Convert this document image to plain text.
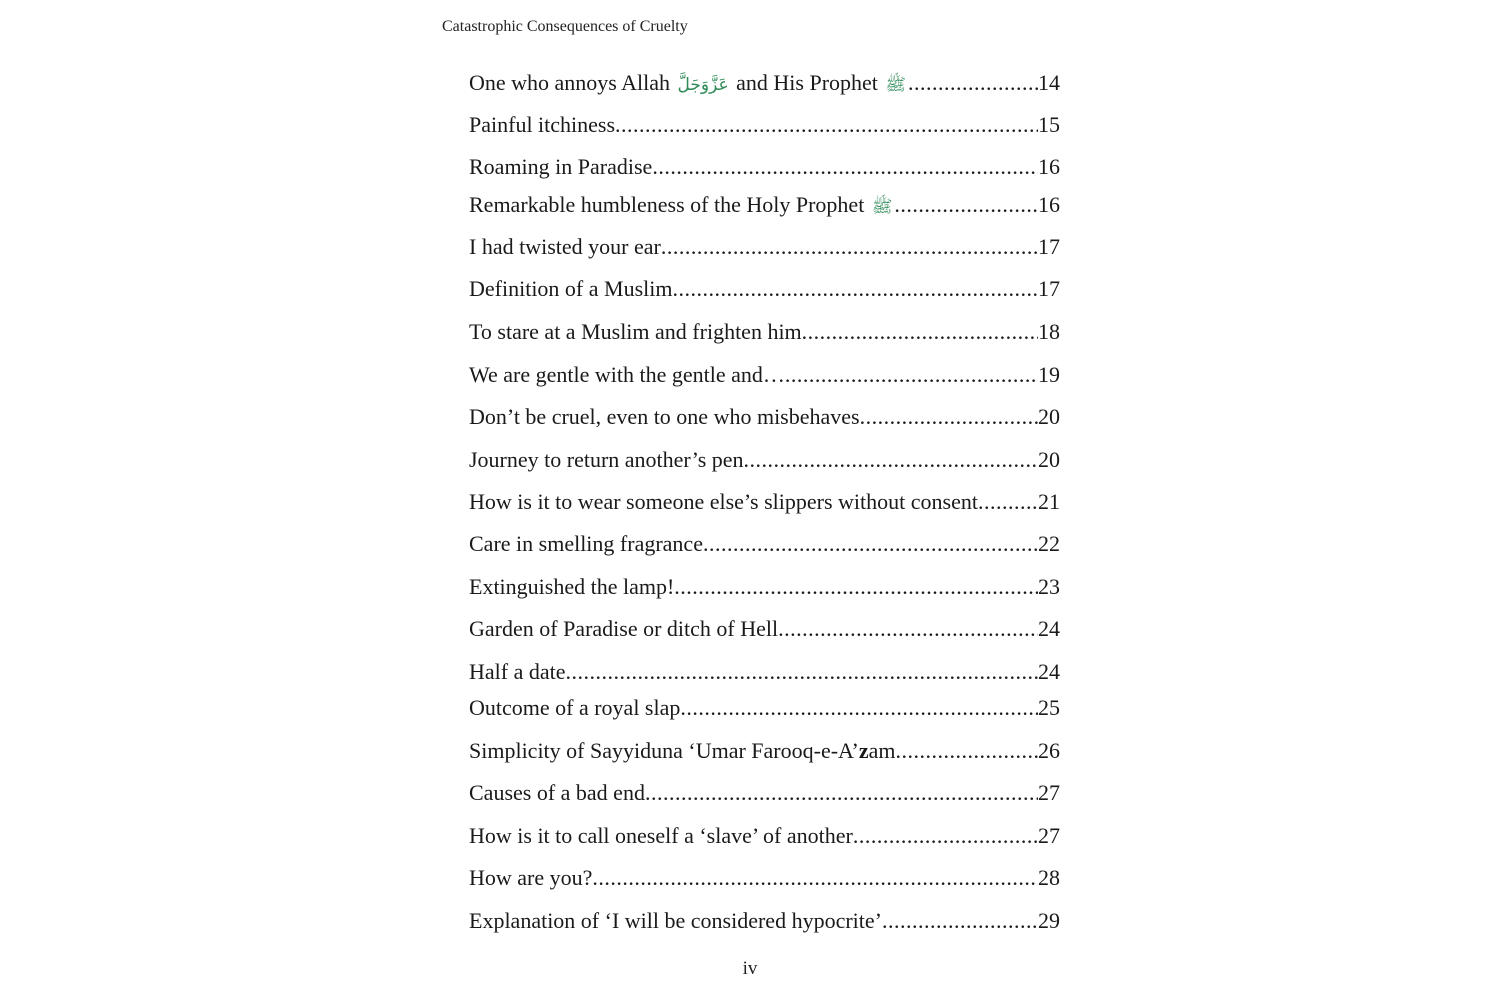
Catastrophic Consequences of Cruelty
One who annoys Allah عَزَّوَجَلَّ and His Prophet ﷺ .....	14
Painful itchiness .....	15
Roaming in Paradise .....	16
Remarkable humbleness of the Holy Prophet ﷺ .....	16
I had twisted your ear .....	17
Definition of a Muslim .....	17
To stare at a Muslim and frighten him .....	18
We are gentle with the gentle and… .....	19
Don’t be cruel, even to one who misbehaves .....	20
Journey to return another’s pen .....	20
How is it to wear someone else’s slippers without consent .....	21
Care in smelling fragrance .....	22
Extinguished the lamp! .....	23
Garden of Paradise or ditch of Hell .....	24
Half a date .....	24
Outcome of a royal slap .....	25
Simplicity of Sayyiduna ‘Umar Farooq-e-A’zam .....	26
Causes of a bad end .....	27
How is it to call oneself a ‘slave’ of another .....	27
How are you? .....	28
Explanation of ‘I will be considered hypocrite’ .....	29
iv
